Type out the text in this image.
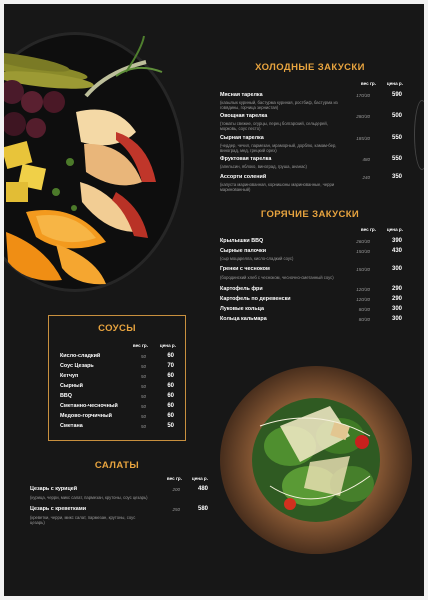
ХОЛОДНЫЕ ЗАКУСКИ
вес гр. цена р.
Мясная тарелка	170/30	590
(казылык куриный, бастурма куриная, ростбиф, бастурма из говядины, горчица зернистая)
Овощная тарелка	280/30	500
(томаты свежие, огурцы, перец болгарский, сельдерей, морковь, соус песто)
Сырная тарелка	185/30	550
(чеддер, чечил, пармезан, мраморный, дорблю, камам-бер, виноград, мед, грецкий орех)
Фруктовая тарелка	480	550
(апельсин, яблоко, виноград, груша, ананас)
Ассорти солений	240	350
(капуста маринованная, корнишоны маринованные, черри маринованный)
ГОРЯЧИЕ ЗАКУСКИ
вес гр. цена р.
Крылышки BBQ	260/30	390
Сырные палочки	150/30	430
(сыр моцарелла, кисло-сладкий соус)
Гренки с чесноком	150/30	300
(бородинский хлеб с чесноком, чесночно-сметанный соус)
Картофель фри	120/30	290
Картофель по деревенски	120/30	290
Луковые кольца	80/30	300
Кольца кальмара	80/30	300
СОУСЫ
вес гр.	цена р.
Кисло-сладкий	50	60
Соус Цезарь	50	70
Кетчуп	50	60
Сырный	50	60
BBQ	50	60
Сметанно-чесночный	50	60
Медово-горчичный	50	60
Сметана	50	50
САЛАТЫ
вес гр. цена р.
Цезарь с курицей	200	480
(курица, черри, микс салат, пармезан, крутоны, соус цезарь)
Цезарь с креветками	250	580
(креветки, черри, микс салат, пармезан, крутоны, соус цезарь)
